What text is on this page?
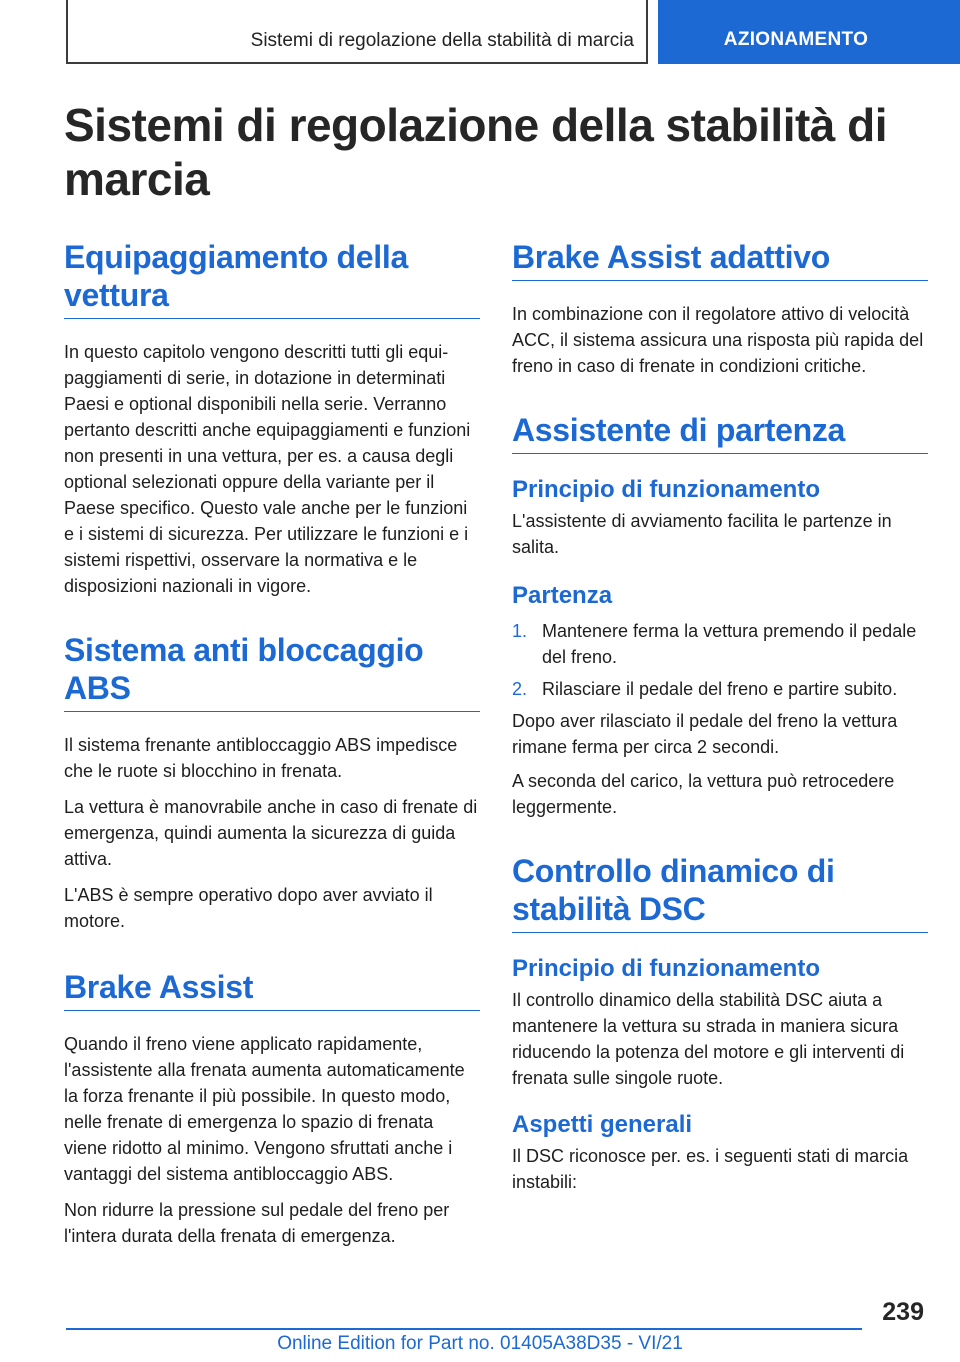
Sistemi di regolazione della stabilità di marcia	AZIONAMENTO
Sistemi di regolazione della stabilità di marcia
Equipaggiamento della vettura

In questo capitolo vengono descritti tutti gli equipaggiamenti di serie, in dotazione in determinati Paesi e optional disponibili nella serie. Verranno pertanto descritti anche equipaggiamenti e funzioni non presenti in una vettura, per es. a causa degli optional selezionati oppure della variante per il Paese specifico. Questo vale anche per le funzioni e i sistemi di sicurezza. Per utilizzare le funzioni e i sistemi rispettivi, osservare la normativa e le disposizioni nazionali in vigore.

Sistema anti bloccaggio ABS

Il sistema frenante antibloccaggio ABS impedisce che le ruote si blocchino in frenata.

La vettura è manovrabile anche in caso di frenate di emergenza, quindi aumenta la sicurezza di guida attiva.

L'ABS è sempre operativo dopo aver avviato il motore.

Brake Assist

Quando il freno viene applicato rapidamente, l'assistente alla frenata aumenta automaticamente la forza frenante il più possibile. In questo modo, nelle frenate di emergenza lo spazio di frenata viene ridotto al minimo. Vengono sfruttati anche i vantaggi del sistema antibloccaggio ABS.

Non ridurre la pressione sul pedale del freno per l'intera durata della frenata di emergenza.

Brake Assist adattivo

In combinazione con il regolatore attivo di velocità ACC, il sistema assicura una risposta più rapida del freno in caso di frenate in condizioni critiche.

Assistente di partenza
Principio di funzionamento

L'assistente di avviamento facilita le partenze in salita.

Partenza
1. Mantenere ferma la vettura premendo il pedale del freno.
2. Rilasciare il pedale del freno e partire subito.

Dopo aver rilasciato il pedale del freno la vettura rimane ferma per circa 2 secondi.

A seconda del carico, la vettura può retrocedere leggermente.

Controllo dinamico di stabilità DSC
Principio di funzionamento

Il controllo dinamico della stabilità DSC aiuta a mantenere la vettura su strada in maniera sicura riducendo la potenza del motore e gli interventi di frenata sulle singole ruote.

Aspetti generali

Il DSC riconosce per. es. i seguenti stati di marcia instabili:

239
Online Edition for Part no. 01405A38D35 - VI/21
